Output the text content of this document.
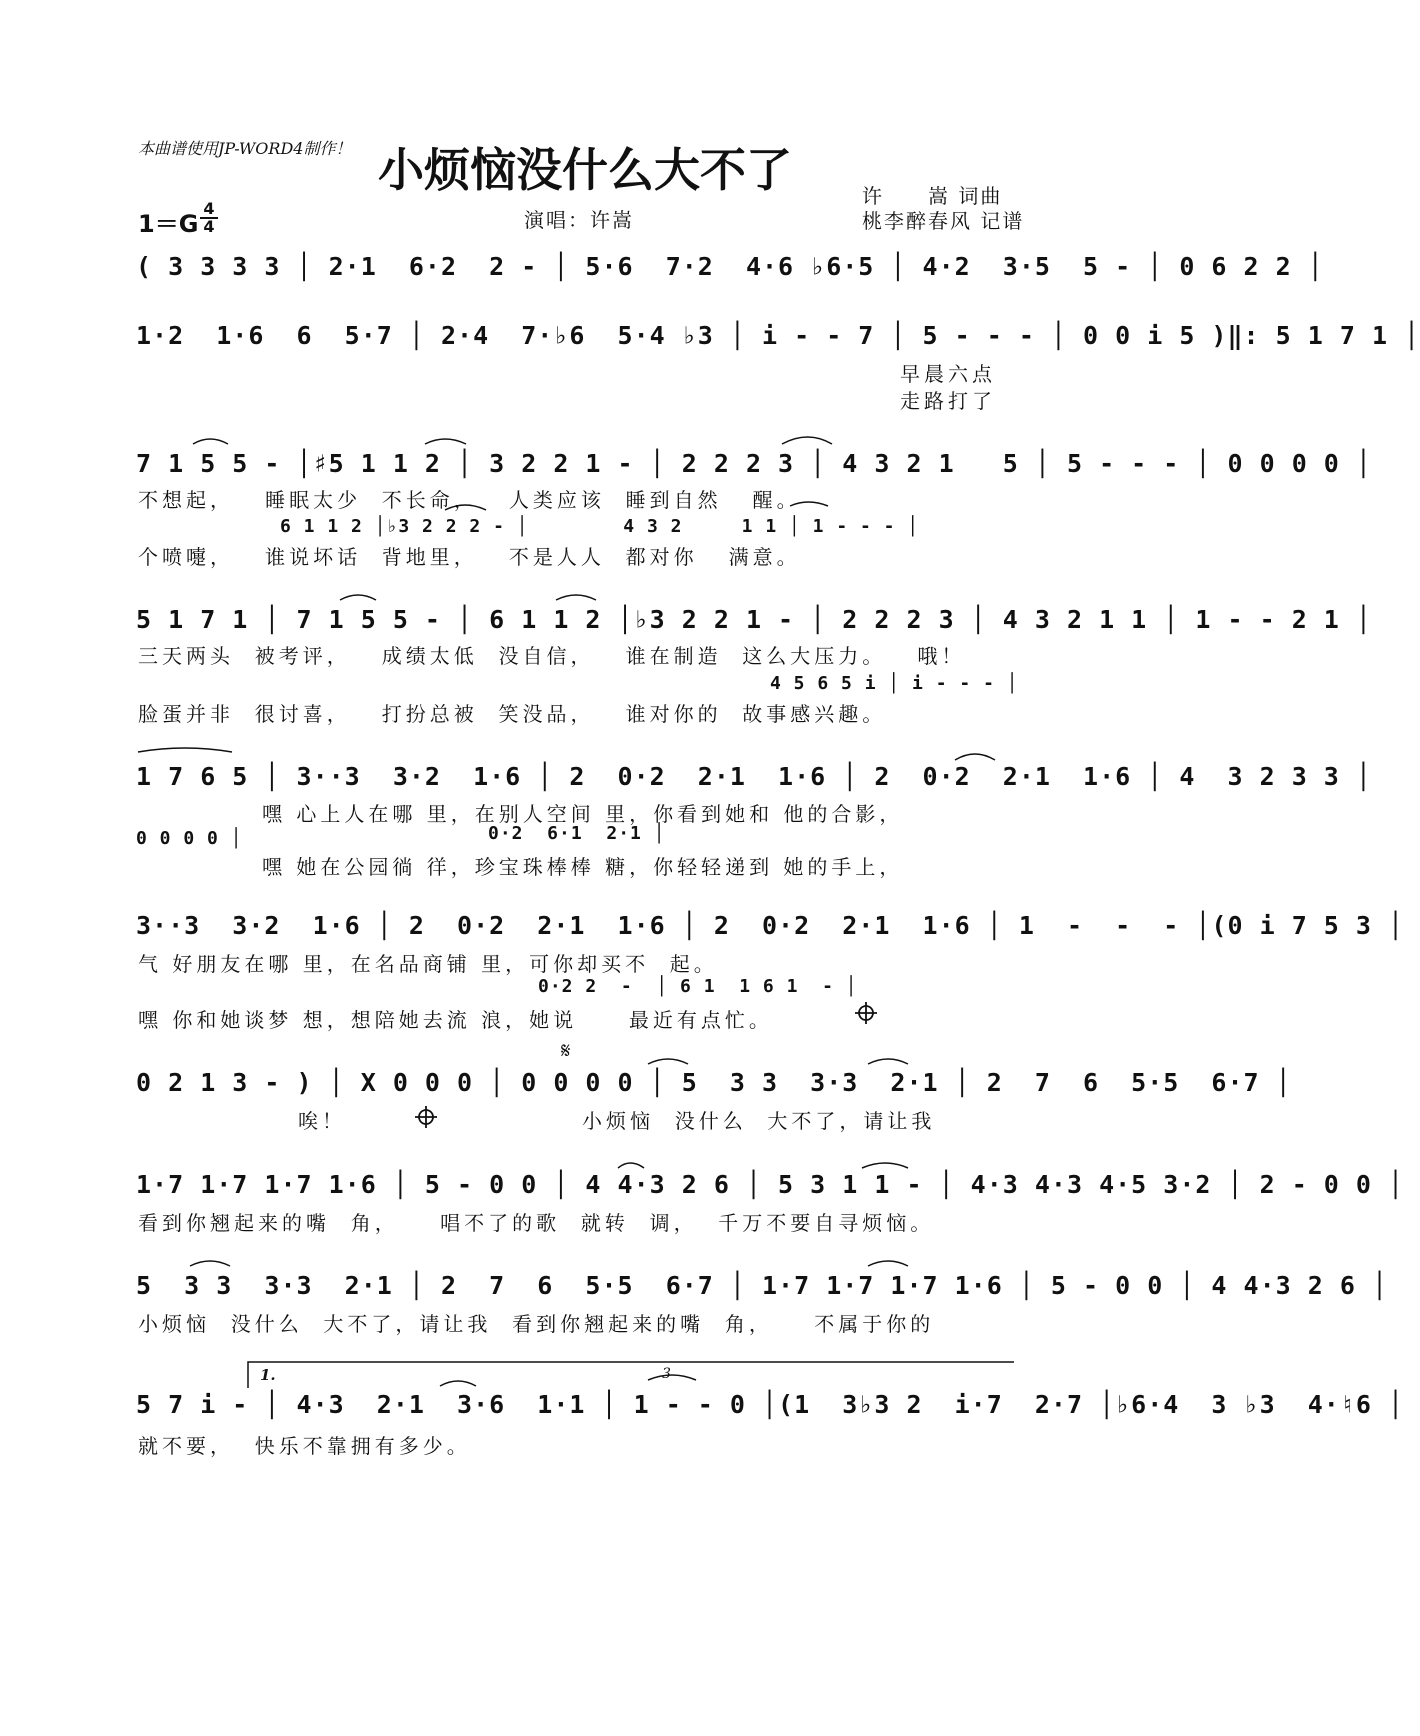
本曲谱使用JP-WORD4制作！ 小烦恼没什么大不了
1＝G
4
4	演唱：许嵩
许　　嵩 词曲
桃李醉春风 记谱
( 3 3 3 3 │ 2·1  6·2  2 - │ 5·6  7·2  4·6 ♭6·5 │ 4·2  3·5  5 - │ 0 6 2 2 │
1·2  1·6  6  5·7 │ 2·4  7·♭6  5·4 ♭3 │ i - - 7 │ 5 - - - │ 0 0 i 5 )‖: 5 1 7 1 │
早晨六点
走路打了
7 1 5 5 - │♯5 1 1 2 │ 3 2 2 1 - │ 2 2 2 3 │ 4 3 2 1   5 │ 5 - - - │ 0 0 0 0 │
不想起，   睡眠太少  不长命，   人类应该  睡到自然   醒。
6 1 1 2 │♭3 2 2 2 - │        4 3 2     1 1 │ 1 - - - │
个喷嚏，   谁说坏话  背地里，   不是人人  都对你   满意。
5 1 7 1 │ 7 1 5 5 - │ 6 1 1 2 │♭3 2 2 1 - │ 2 2 2 3 │ 4 3 2 1 1 │ 1 - - 2 1 │
三天两头  被考评，   成绩太低  没自信，   谁在制造  这么大压力。   哦！
4 5 6 5 i │ i - - - │
脸蛋并非  很讨喜，   打扮总被  笑没品，   谁对你的  故事感兴趣。
1 7 6 5 │ 3··3  3·2  1·6 │ 2  0·2  2·1  1·6 │ 2  0·2  2·1  1·6 │ 4  3 2 3 3 │
嘿 心上人在哪 里，在别人空间 里，你看到她和 他的合影，
0 0 0 0 │	0·2  6·1  2·1 │
嘿 她在公园徜 徉，珍宝珠棒棒 糖，你轻轻递到 她的手上，
3··3  3·2  1·6 │ 2  0·2  2·1  1·6 │ 2  0·2  2·1  1·6 │ 1  -  -  - │(0 i 7 5 3 │
气 好朋友在哪 里，在名品商铺 里，可你却买不  起。
0·2 2  -  │ 6 1  1 6 1  - │
嘿 你和她谈梦 想，想陪她去流 浪，她说     最近有点忙。
0 2 1 3 - ) │ X 0 0 0 │ 0 0 0 0 │ 5  3 3  3·3  2·1 │ 2  7  6  5·5  6·7 │
唉！	小烦恼  没什么  大不了，请让我
1·7 1·7 1·7 1·6 │ 5 - 0 0 │ 4 4·3 2 6 │ 5 3 1 1 - │ 4·3 4·3 4·5 3·2 │ 2 - 0 0 │
看到你翘起来的嘴  角，    唱不了的歌  就转  调，  千万不要自寻烦恼。
5  3 3  3·3  2·1 │ 2  7  6  5·5  6·7 │ 1·7 1·7 1·7 1·6 │ 5 - 0 0 │ 4 4·3 2 6 │
小烦恼  没什么  大不了，请让我  看到你翘起来的嘴  角，    不属于你的
1.	3
5 7 i - │ 4·3  2·1  3·6  1·1 │ 1 - - 0 │(1  3♭3 2  i·7  2·7 │♭6·4  3 ♭3  4·♮6 │
就不要，  快乐不靠拥有多少。
𝄋
